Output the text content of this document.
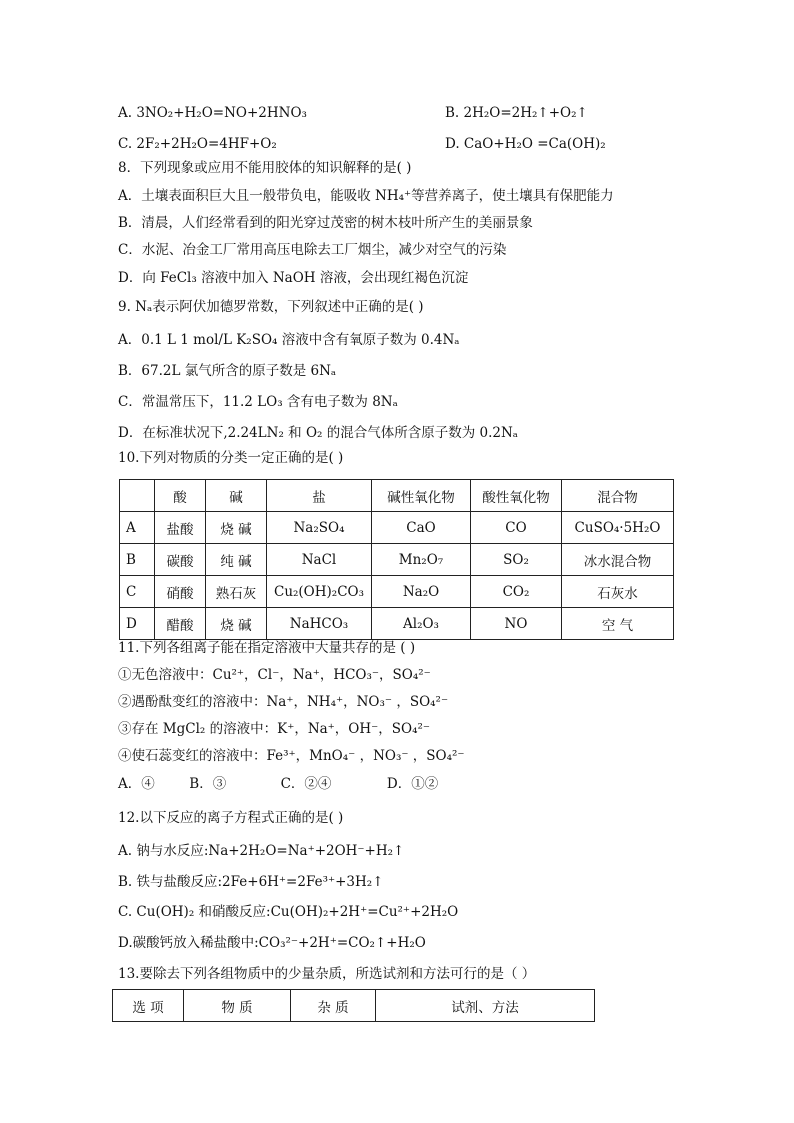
A. 3NO₂+H₂O=NO+2HNO₃	B. 2H₂O=2H₂↑+O₂↑
C. 2F₂+2H₂O=4HF+O₂	D. CaO+H₂O =Ca(OH)₂
8．下列现象或应用不能用胶体的知识解释的是( )
A．土壤表面积巨大且一般带负电，能吸收 NH₄⁺等营养离子，使土壤具有保肥能力
B．清晨，人们经常看到的阳光穿过茂密的树木枝叶所产生的美丽景象
C．水泥、冶金工厂常用高压电除去工厂烟尘，减少对空气的污染
D．向 FeCl₃ 溶液中加入 NaOH 溶液，会出现红褐色沉淀
9. Nₐ表示阿伏加德罗常数，下列叙述中正确的是( )
A．0.1 L 1 mol/L K₂SO₄ 溶液中含有氧原子数为 0.4Nₐ
B．67.2L 氯气所含的原子数是 6Nₐ
C．常温常压下，11.2 LO₃ 含有电子数为 8Nₐ
D．在标准状况下,2.24LN₂ 和 O₂ 的混合气体所含原子数为 0.2Nₐ
10.下列对物质的分类一定正确的是( )
	酸	碱	盐	碱性氧化物	酸性氧化物	混合物
A	盐酸	烧 碱	Na₂SO₄	CaO	CO	CuSO₄·5H₂O
B	碳酸	纯 碱	NaCl	Mn₂O₇	SO₂	冰水混合物
C	硝酸	熟石灰	Cu₂(OH)₂CO₃	Na₂O	CO₂	石灰水
D	醋酸	烧 碱	NaHCO₃	Al₂O₃	NO	空 气
11.下列各组离子能在指定溶液中大量共存的是 ( )
①无色溶液中：Cu²⁺，Cl⁻，Na⁺，HCO₃⁻，SO₄²⁻
②遇酚酞变红的溶液中：Na⁺，NH₄⁺，NO₃⁻ ，SO₄²⁻
③存在 MgCl₂ 的溶液中：K⁺，Na⁺，OH⁻，SO₄²⁻
④使石蕊变红的溶液中：Fe³⁺，MnO₄⁻ ，NO₃⁻ ，SO₄²⁻
A．④	B．③	C．②④	D．①②
12.以下反应的离子方程式正确的是( )
A. 钠与水反应:Na+2H₂O=Na⁺+2OH⁻+H₂↑
B. 铁与盐酸反应:2Fe+6H⁺=2Fe³⁺+3H₂↑
C. Cu(OH)₂ 和硝酸反应:Cu(OH)₂+2H⁺=Cu²⁺+2H₂O
D.碳酸钙放入稀盐酸中:CO₃²⁻+2H⁺=CO₂↑+H₂O
13.要除去下列各组物质中的少量杂质，所选试剂和方法可行的是（ ）
选 项	物 质	杂 质	试剂、方法
